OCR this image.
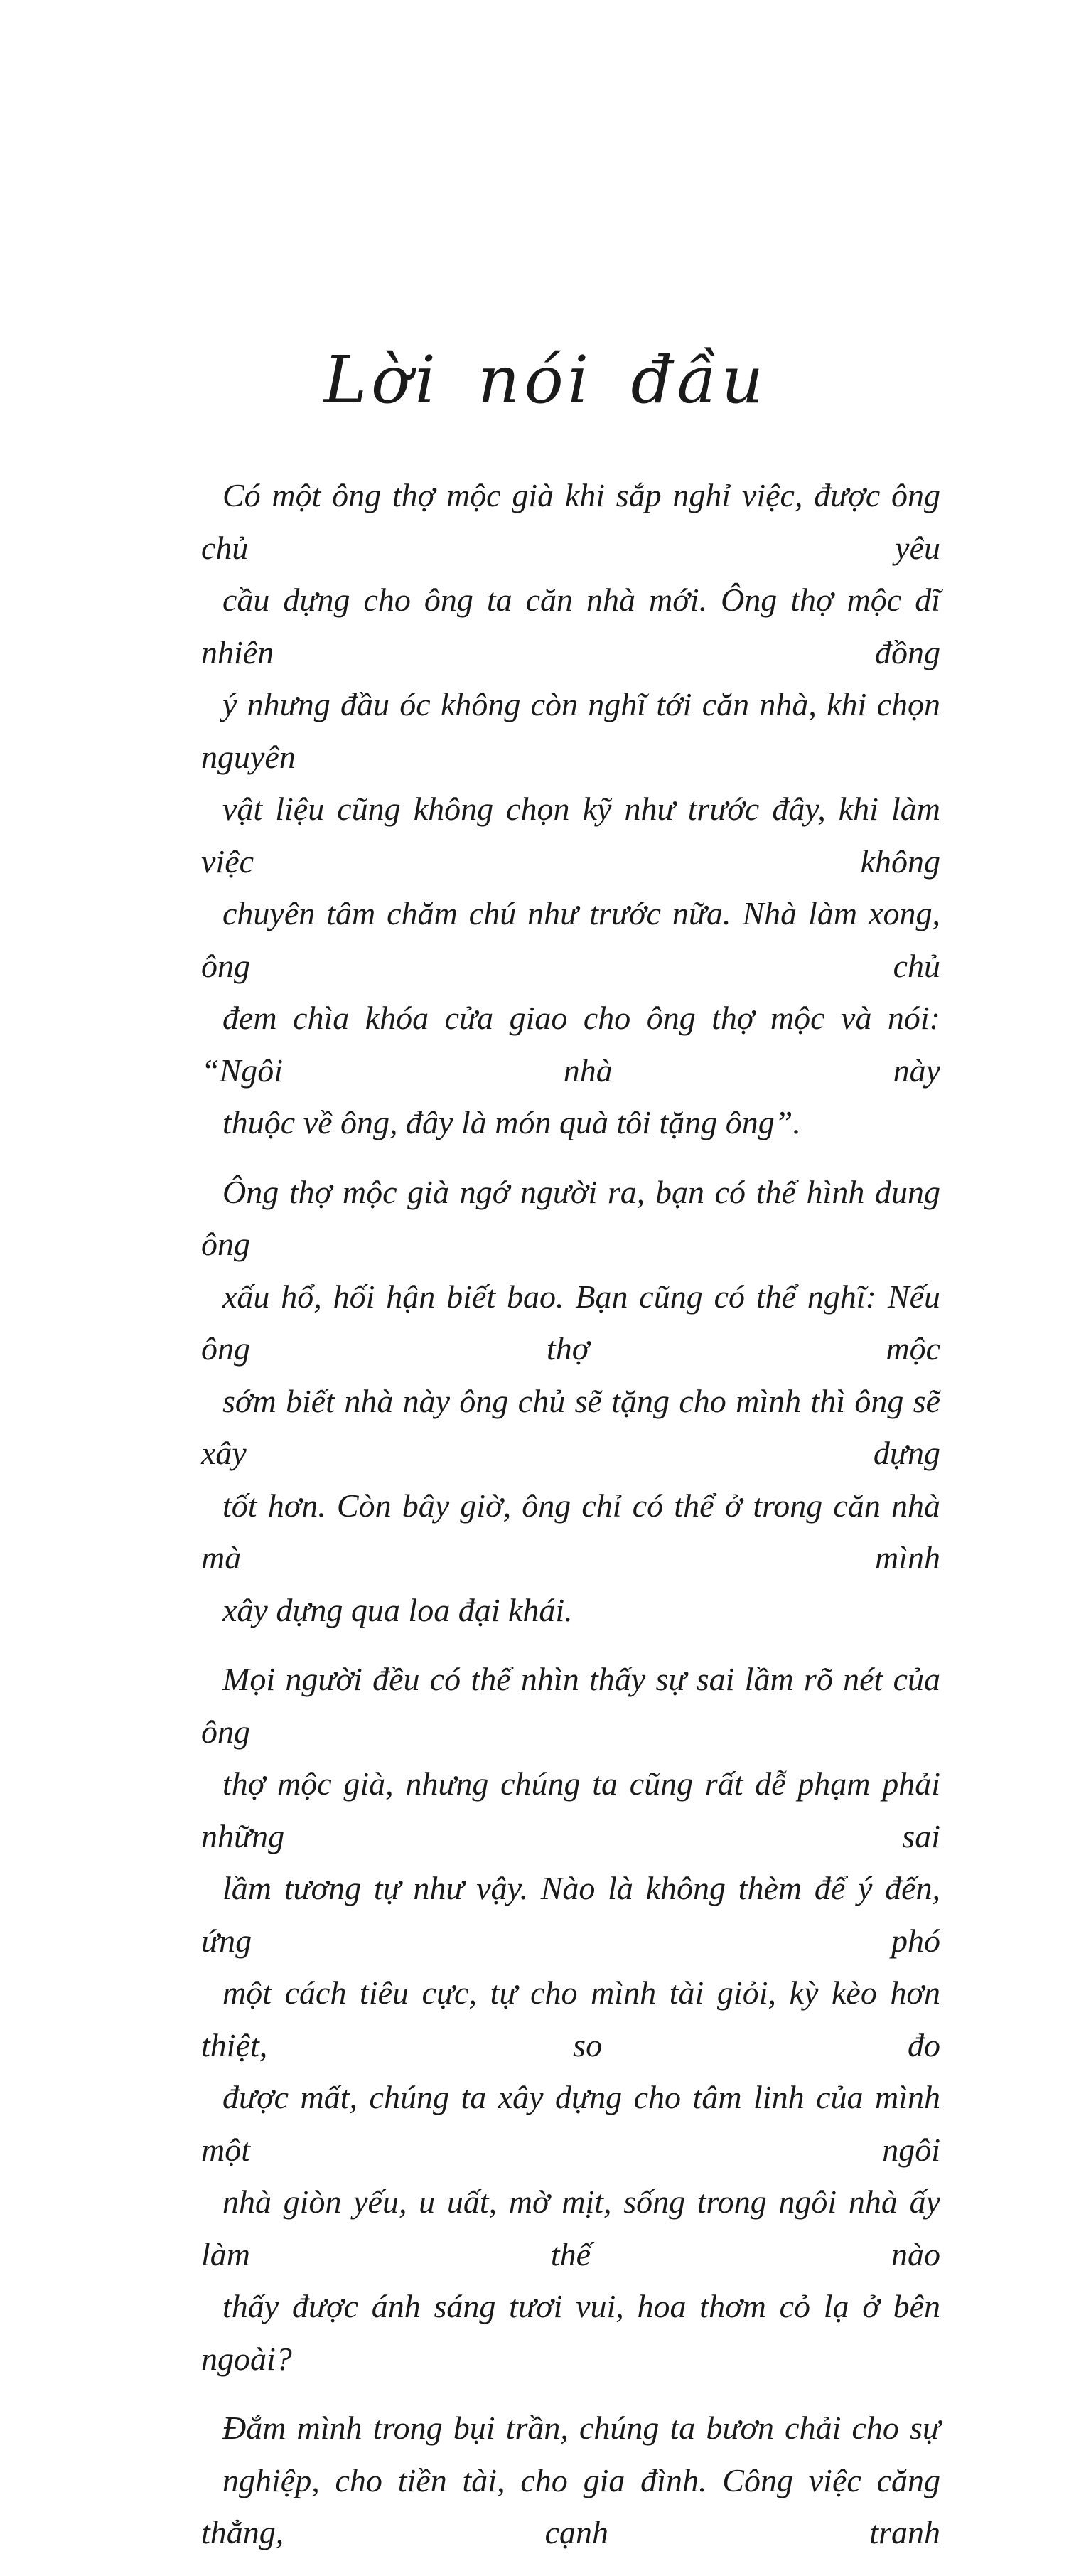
Lời nói đầu

Có một ông thợ mộc già khi sắp nghỉ việc, được ông chủ yêu
cầu dựng cho ông ta căn nhà mới. Ông thợ mộc dĩ nhiên đồng
ý nhưng đầu óc không còn nghĩ tới căn nhà, khi chọn nguyên
vật liệu cũng không chọn kỹ như trước đây, khi làm việc không
chuyên tâm chăm chú như trước nữa. Nhà làm xong, ông chủ
đem chìa khóa cửa giao cho ông thợ mộc và nói: “Ngôi nhà này
thuộc về ông, đây là món quà tôi tặng ông”.

Ông thợ mộc già ngớ người ra, bạn có thể hình dung ông
xấu hổ, hối hận biết bao. Bạn cũng có thể nghĩ: Nếu ông thợ mộc
sớm biết nhà này ông chủ sẽ tặng cho mình thì ông sẽ xây dựng
tốt hơn. Còn bây giờ, ông chỉ có thể ở trong căn nhà mà mình
xây dựng qua loa đại khái.

Mọi người đều có thể nhìn thấy sự sai lầm rõ nét của ông
thợ mộc già, nhưng chúng ta cũng rất dễ phạm phải những sai
lầm tương tự như vậy. Nào là không thèm để ý đến, ứng phó
một cách tiêu cực, tự cho mình tài giỏi, kỳ kèo hơn thiệt, so đo
được mất, chúng ta xây dựng cho tâm linh của mình một ngôi
nhà giòn yếu, u uất, mờ mịt, sống trong ngôi nhà ấy làm thế nào
thấy được ánh sáng tươi vui, hoa thơm cỏ lạ ở bên ngoài?

Đắm mình trong bụi trần, chúng ta bươn chải cho sự
nghiệp, cho tiền tài, cho gia đình. Công việc căng thẳng, cạnh tranh
